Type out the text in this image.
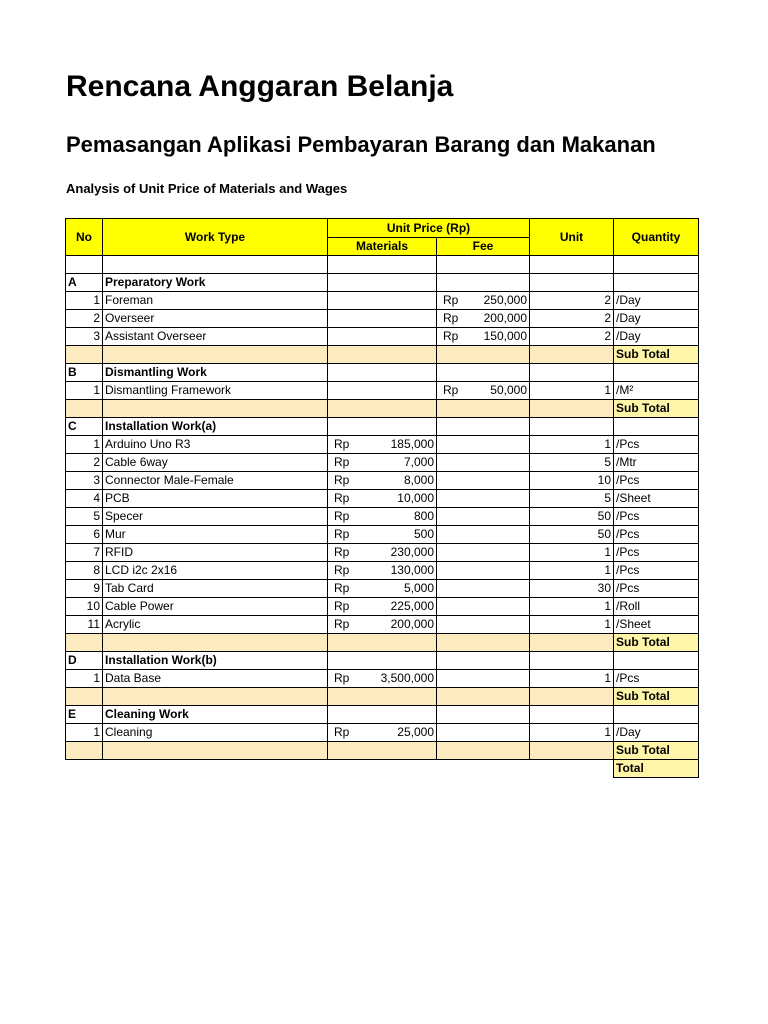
Rencana Anggaran Belanja
Pemasangan Aplikasi Pembayaran Barang dan Makanan

Analysis of Unit Price of Materials and Wages

No	Work Type	Unit Price (Rp)		Unit	Quantity
		Materials	Fee		

A	Preparatory Work				
1	Foreman		Rp 250,000	2	/Day
2	Overseer		Rp 200,000	2	/Day
3	Assistant Overseer		Rp 150,000	2	/Day
					Sub Total
B	Dismantling Work				
1	Dismantling Framework		Rp 50,000	1	/M²
					Sub Total
C	Installation Work(a)				
1	Arduino Uno R3	Rp 185,000		1	/Pcs
2	Cable 6way	Rp 7,000		5	/Mtr
3	Connector Male-Female	Rp 8,000		10	/Pcs
4	PCB	Rp 10,000		5	/Sheet
5	Specer	Rp 800		50	/Pcs
6	Mur	Rp 500		50	/Pcs
7	RFID	Rp 230,000		1	/Pcs
8	LCD i2c 2x16	Rp 130,000		1	/Pcs
9	Tab Card	Rp 5,000		30	/Pcs
10	Cable Power	Rp 225,000		1	/Roll
11	Acrylic	Rp 200,000		1	/Sheet
					Sub Total
D	Installation Work(b)				
1	Data Base	Rp 3,500,000		1	/Pcs
					Sub Total
E	Cleaning Work				
1	Cleaning	Rp 25,000		1	/Day
					Sub Total
					Total
